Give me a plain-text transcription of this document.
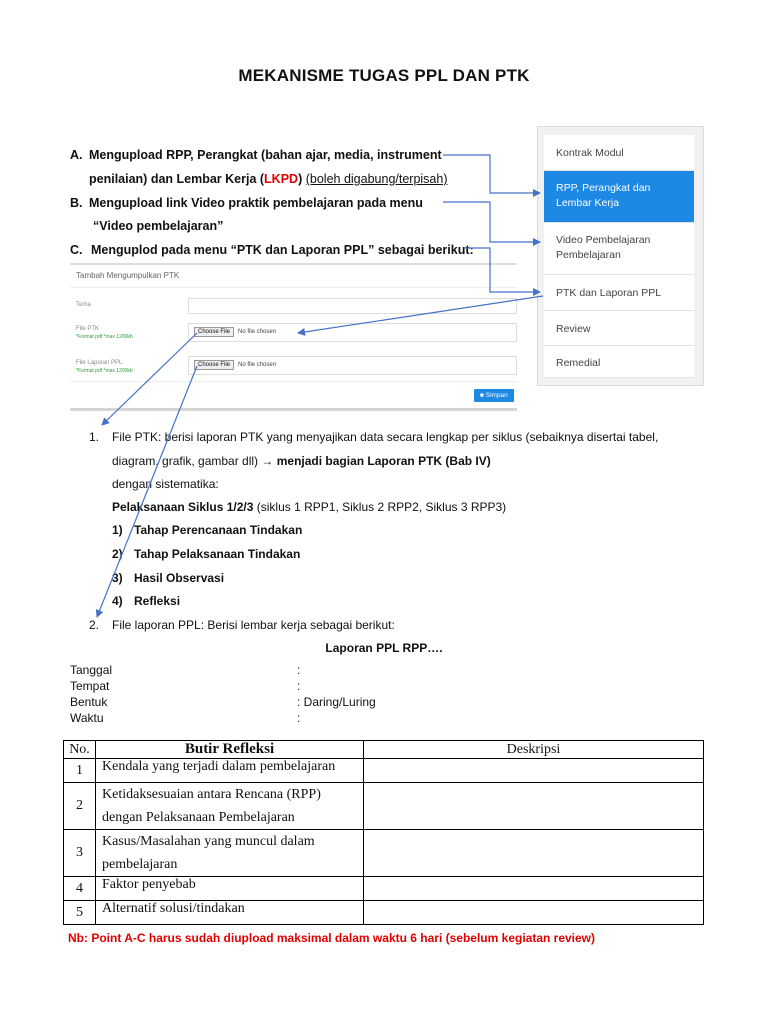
MEKANISME TUGAS PPL DAN PTK
A. Mengupload RPP, Perangkat (bahan ajar, media, instrument
penilaian) dan Lembar Kerja (LKPD) (boleh digabung/terpisah)
B. Mengupload link Video praktik pembelajaran pada menu
“Video pembelajaran”
C. Menguplod pada menu “PTK dan Laporan PPL” sebagai berikut:
Kontrak Modul
RPP, Perangkat dan
Lembar Kerja
Video Pembelajaran
Pembelajaran
PTK dan Laporan PPL
Review
Remedial
Tambah Mengumpulkan PTK
Tema
File PTK
*Format pdf *max 1200kb
Choose File	No file chosen
File Laporan PPL
*Format pdf *max 1200kb
Choose File	No file chosen
■ Simpan
1. File PTK: berisi laporan PTK yang menyajikan data secara lengkap per siklus (sebaiknya disertai tabel,
diagram, grafik, gambar dll) → menjadi bagian Laporan PTK (Bab IV)
dengan sistematika:
Pelaksanaan Siklus 1/2/3 (siklus 1 RPP1, Siklus 2 RPP2, Siklus 3 RPP3)
1) Tahap Perencanaan Tindakan
2) Tahap Pelaksanaan Tindakan
3) Hasil Observasi
4) Refleksi
2. File laporan PPL: Berisi lembar kerja sebagai berikut:
Laporan PPL RPP….
Tanggal	:
Tempat	:
Bentuk	: Daring/Luring
Waktu	:
No.	Butir Refleksi	Deskripsi
1	Kendala yang terjadi dalam pembelajaran	

2	Ketidaksesuaian antara Rencana (RPP)
dengan Pelaksanaan Pembelajaran	

3	Kasus/Masalahan yang muncul dalam
pembelajaran	

4	Faktor penyebab	

5	Alternatif solusi/tindakan	

Nb: Point A-C harus sudah diupload maksimal dalam waktu 6 hari (sebelum kegiatan review)
